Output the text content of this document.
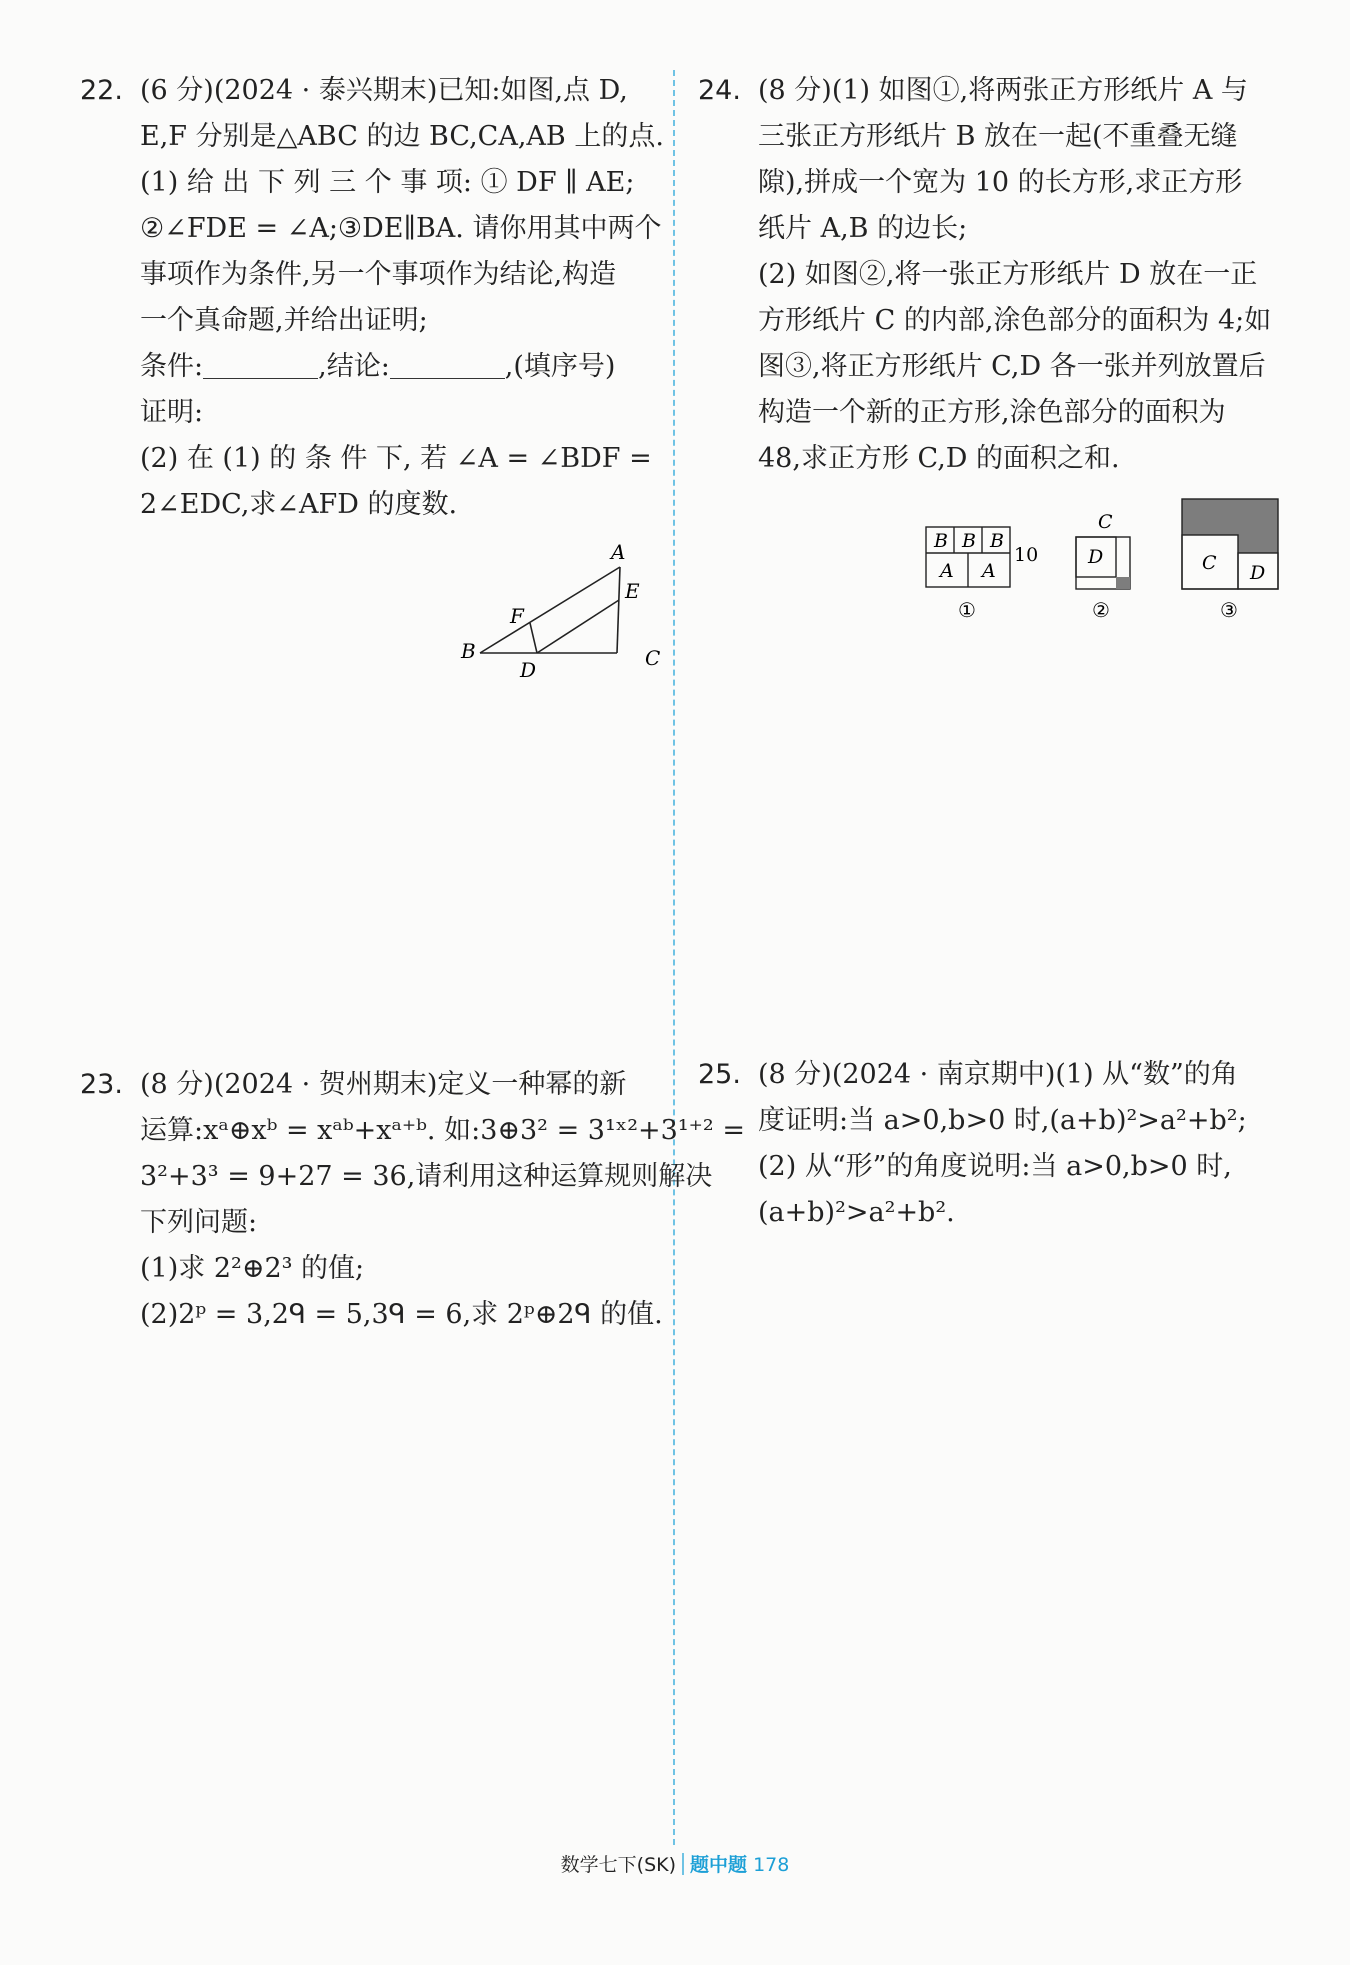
22. (6 分)(2024 · 泰兴期末)已知:如图,点 D,
E,F 分别是△ABC 的边 BC,CA,AB 上的点.
(1) 给 出 下 列 三 个 事 项: ① DF ∥ AE;
②∠FDE = ∠A;③DE∥BA. 请你用其中两个
事项作为条件,另一个事项作为结论,构造
一个真命题,并给出证明;
条件:	,结论:	,(填序号)
证明:
(2) 在 (1) 的 条 件 下, 若 ∠A = ∠BDF =
2∠EDC,求∠AFD 的度数.
A
B	C
D
E
F
23. (8 分)(2024 · 贺州期末)定义一种幂的新
运算:xᵃ⊕xᵇ = xᵃᵇ+xᵃ⁺ᵇ. 如:3⊕3² = 3¹ˣ²+3¹⁺² =
3²+3³ = 9+27 = 36,请利用这种运算规则解决
下列问题:
(1)求 2²⊕2³ 的值;
(2)2ᵖ = 3,2ᑫ = 5,3ᑫ = 6,求 2ᵖ⊕2ᑫ 的值.
24. (8 分)(1) 如图①,将两张正方形纸片 A 与
三张正方形纸片 B 放在一起(不重叠无缝
隙),拼成一个宽为 10 的长方形,求正方形
纸片 A,B 的边长;
(2) 如图②,将一张正方形纸片 D 放在一正
方形纸片 C 的内部,涂色部分的面积为 4;如
图③,将正方形纸片 C,D 各一张并列放置后
构造一个新的正方形,涂色部分的面积为
48,求正方形 C,D 的面积之和.
B B B
A A
10
①
C
D
②
C D
③
25. (8 分)(2024 · 南京期中)(1) 从“数”的角
度证明:当 a>0,b>0 时,(a+b)²>a²+b²;
(2) 从“形”的角度说明:当 a>0,b>0 时,
(a+b)²>a²+b².
数学七下(SK) 题中题 178
